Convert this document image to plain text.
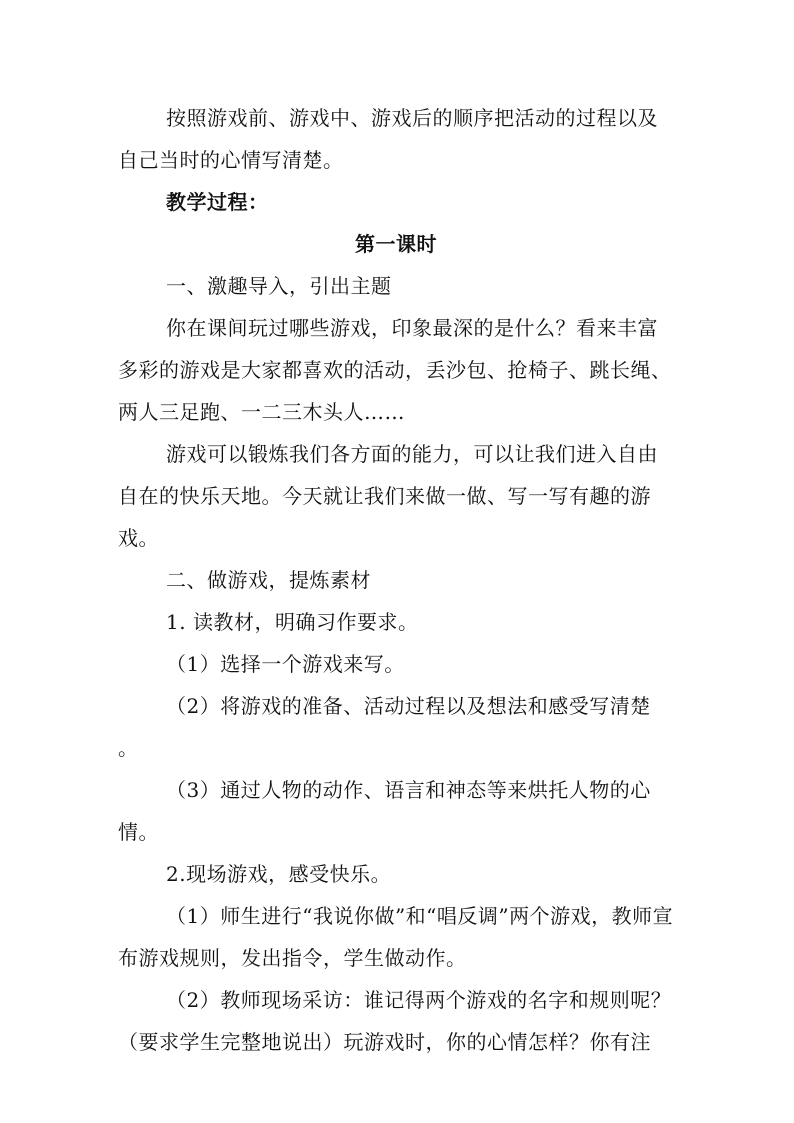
按照游戏前、游戏中、游戏后的顺序把活动的过程以及自己当时的心情写清楚。

教学过程：

第一课时

一、激趣导入，引出主题

你在课间玩过哪些游戏，印象最深的是什么？看来丰富多彩的游戏是大家都喜欢的活动，丢沙包、抢椅子、跳长绳、两人三足跑、一二三木头人……

游戏可以锻炼我们各方面的能力，可以让我们进入自由自在的快乐天地。今天就让我们来做一做、写一写有趣的游戏。

二、做游戏，提炼素材

1. 读教材，明确习作要求。

（1）选择一个游戏来写。

（2）将游戏的准备、活动过程以及想法和感受写清楚 。

（3）通过人物的动作、语言和神态等来烘托人物的心情。

2.现场游戏，感受快乐。

（1）师生进行“我说你做”和“唱反调”两个游戏，教师宣布游戏规则，发出指令，学生做动作。

（2）教师现场采访：谁记得两个游戏的名字和规则呢？（要求学生完整地说出）玩游戏时，你的心情怎样？你有注
